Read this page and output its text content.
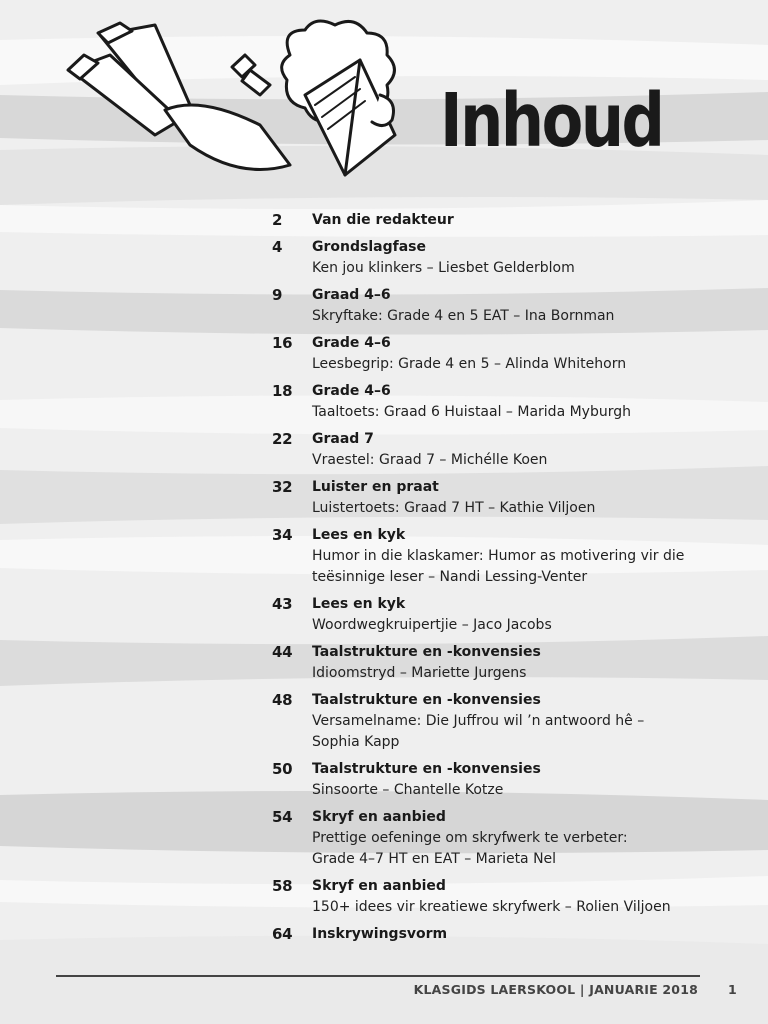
Inhoud
2	Van die redakteur
4	Grondslagfase
Ken jou klinkers – Liesbet Gelderblom
9	Graad 4–6
Skryftake: Grade 4 en 5 EAT – Ina Bornman
16	Grade 4–6
Leesbegrip: Grade 4 en 5 – Alinda Whitehorn
18	Grade 4–6
Taaltoets: Graad 6 Huistaal – Marida Myburgh
22	Graad 7
Vraestel: Graad 7 – Michélle Koen
32	Luister en praat
Luistertoets: Graad 7 HT – Kathie Viljoen
34	Lees en kyk
Humor in die klaskamer: Humor as motivering vir die
teësinnige leser – Nandi Lessing-Venter
43	Lees en kyk
Woordwegkruipertjie – Jaco Jacobs
44	Taalstrukture en -konvensies
Idioomstryd – Mariette Jurgens
48	Taalstrukture en -konvensies
Versamelname: Die Juffrou wil ’n antwoord hê –
Sophia Kapp
50	Taalstrukture en -konvensies
Sinsoorte – Chantelle Kotze
54	Skryf en aanbied
Prettige oefeninge om skryfwerk te verbeter:
Grade 4–7 HT en EAT – Marieta Nel
58	Skryf en aanbied
150+ idees vir kreatiewe skryfwerk – Rolien Viljoen
64	Inskrywingsvorm
KLASGIDS LAERSKOOL | JANUARIE 2018 1
